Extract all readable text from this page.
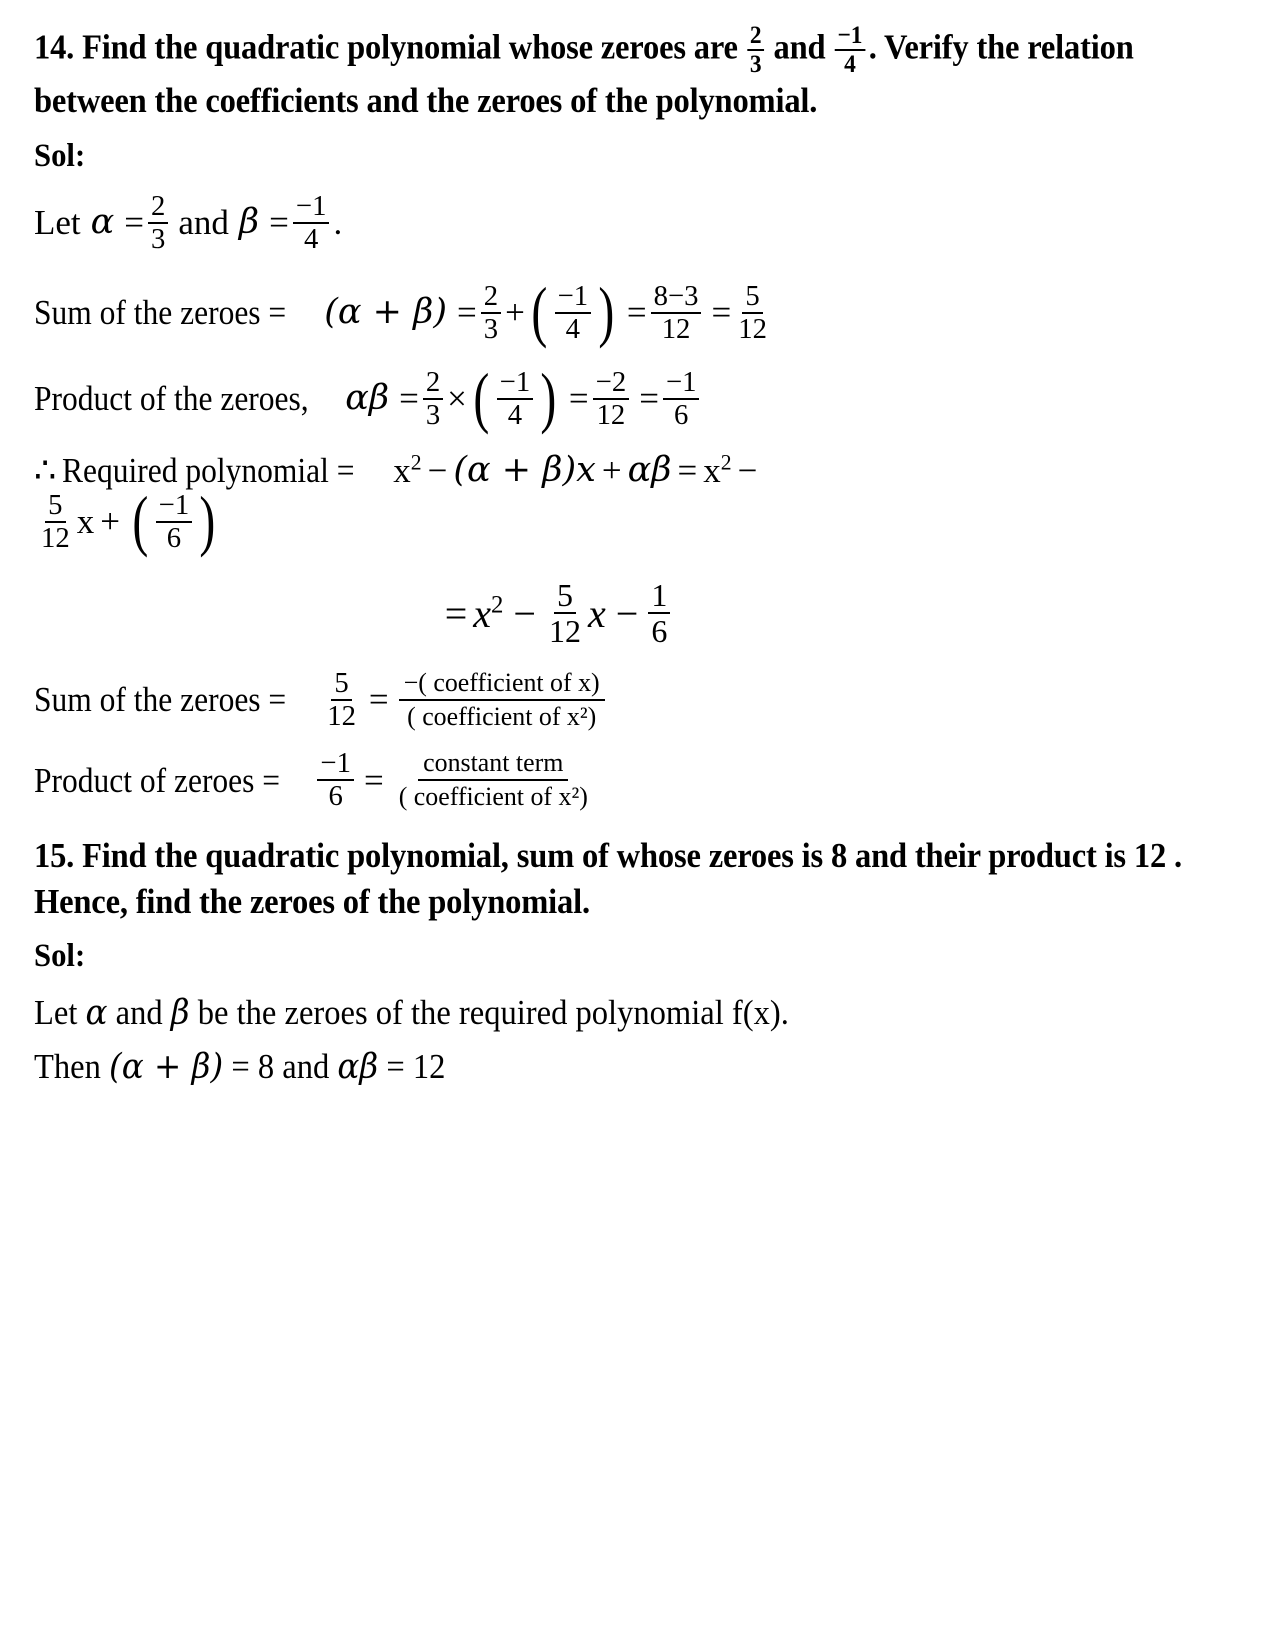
14. Find the quadratic polynomial whose zeroes are $\frac{2}{3}$ and $\frac{-1}{4}$ . Verify the relation between the coefficients and the zeroes of the polynomial.
Sol:
Let $\alpha = \frac{2}{3}$ and $\beta = \frac{-1}{4}$ .
Sum of the zeroes = $(\alpha + \beta) = \frac{2}{3}$ + ( $\frac{-1}{4}$ ) = $\frac{8-3}{12} = \frac{5}{12}$
Product of the zeroes, $\alpha\beta = \frac{2}{3}$ × ( $\frac{-1}{4}$ ) = $\frac{-2}{12} = \frac{-1}{6}$
∴ Required polynomial = $x^2 - (\alpha + \beta)x + \alpha\beta = x^2$ −
$\frac{5}{12}$ x + ( $\frac{-1}{6}$ )
= $x^2 - \frac{5}{12}$ $x - \frac{1}{6}$
Sum of the zeroes = $\frac{5}{12} = \frac{\text{−( coefficient of x)}}{\text{( coefficient of x²)}}$
Product of zeroes = $\frac{-1}{6} = \frac{\text{constant term}}{\text{( coefficient of x²)}}$
15. Find the quadratic polynomial, sum of whose zeroes is 8 and their product is 12 . Hence, find the zeroes of the polynomial.
Sol:
Let α and β be the zeroes of the required polynomial f(x).
Then (α + β) = 8 and αβ = 12
